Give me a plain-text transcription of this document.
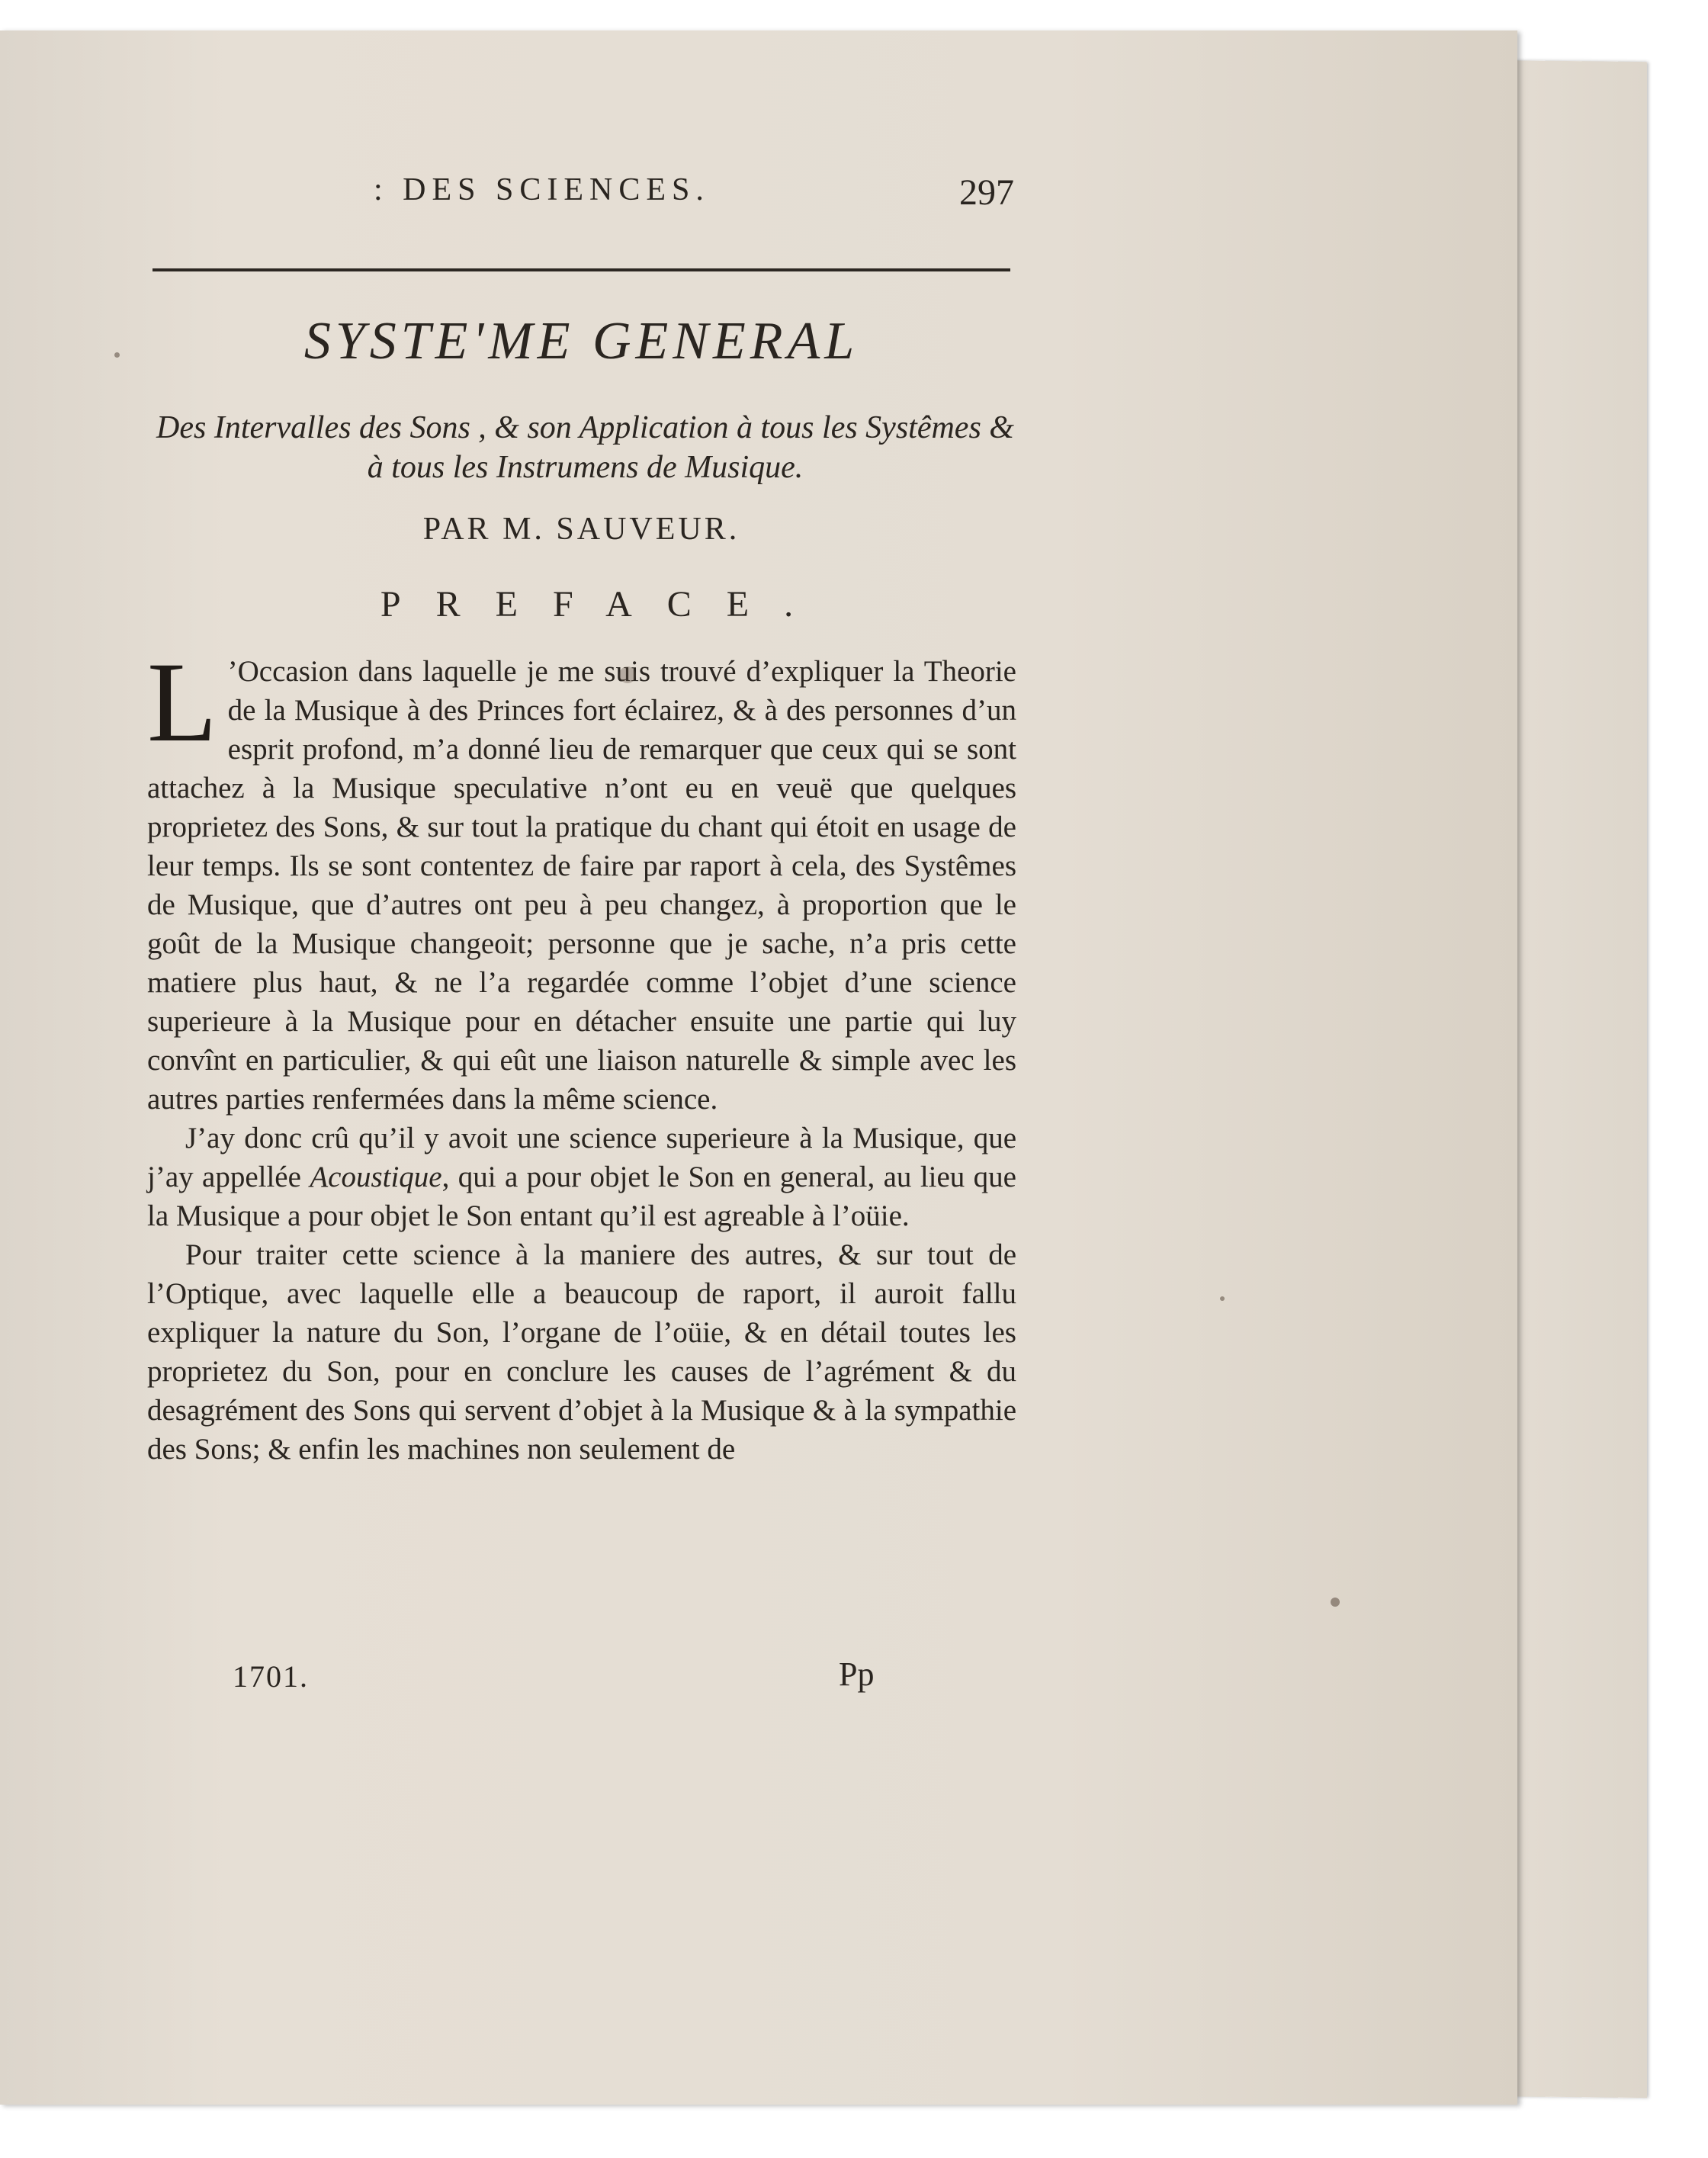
: DES SCIENCES.	297
SYSTE'ME GENERAL
Des Intervalles des Sons , & son Application à tous les Systêmes & à tous les Instrumens de Musique.
PAR M. SAUVEUR.
PREFACE.

L ’Occasion dans laquelle je me suis trouvé d’expliquer la Theorie de la Musique à des Princes fort éclairez, & à des personnes d’un esprit profond, m’a donné lieu de remarquer que ceux qui se sont attachez à la Musique speculative n’ont eu en veuë que quelques proprietez des Sons, & sur tout la pratique du chant qui étoit en usage de leur temps. Ils se sont contentez de faire par raport à cela, des Systêmes de Musique, que d’autres ont peu à peu changez, à proportion que le goût de la Musique changeoit; personne que je sache, n’a pris cette matiere plus haut, & ne l’a regardée comme l’objet d’une science superieure à la Musique pour en détacher ensuite une partie qui luy convînt en particulier, & qui eût une liaison naturelle & simple avec les autres parties renfermées dans la même science.

J’ay donc crû qu’il y avoit une science superieure à la Musique, que j’ay appellée Acoustique, qui a pour objet le Son en general, au lieu que la Musique a pour objet le Son entant qu’il est agreable à l’oüie.

Pour traiter cette science à la maniere des autres, & sur tout de l’Optique, avec laquelle elle a beaucoup de raport, il auroit fallu expliquer la nature du Son, l’organe de l’oüie, & en détail toutes les proprietez du Son, pour en conclure les causes de l’agrément & du desagrément des Sons qui servent d’objet à la Musique & à la sympathie des Sons; & enfin les machines non seulement de

1701.	Pp
